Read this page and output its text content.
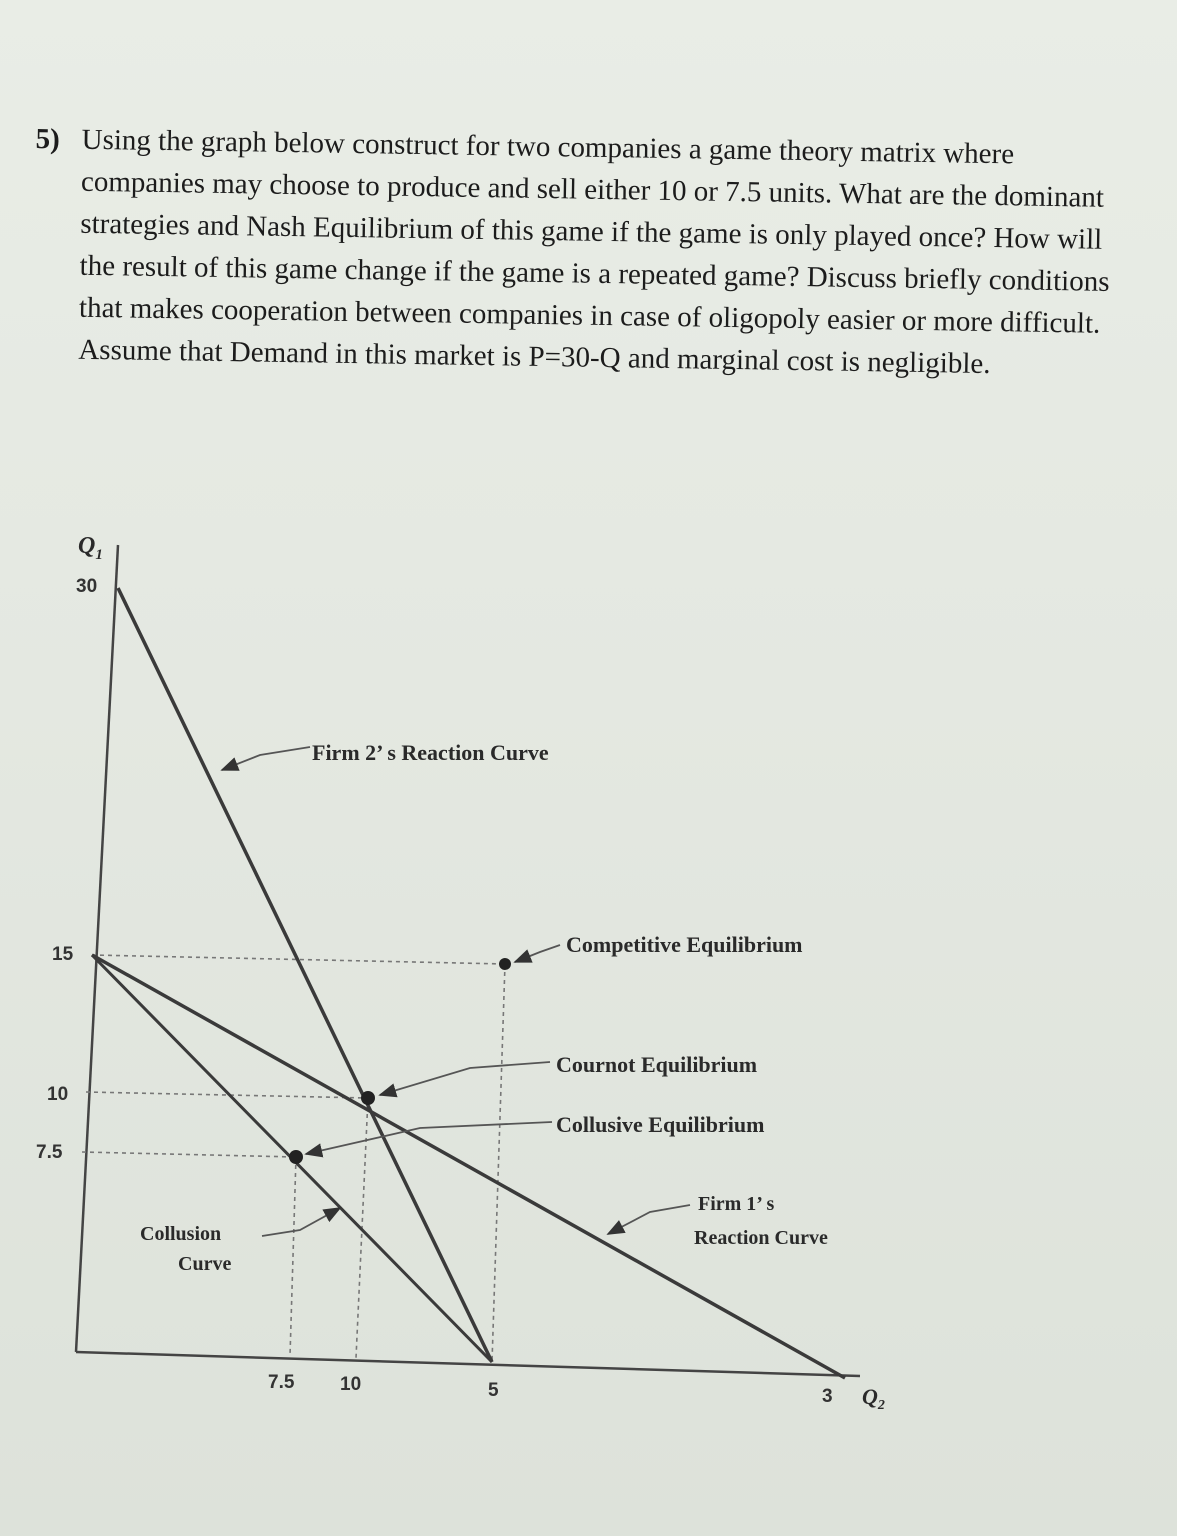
5) Using the graph below construct for two companies a game theory matrix where companies may choose to produce and sell either 10 or 7.5 units. What are the dominant strategies and Nash Equilibrium of this game if the game is only played once? How will the result of this game change if the game is a repeated game? Discuss briefly conditions that makes cooperation between companies in case of oligopoly easier or more difficult. Assume that Demand in this market is P=30-Q and marginal cost is negligible.
$Q_1$
$Q_2$
30
15
10
7.5
7.5 10	5	3
Firm 2’ s Reaction Curve
Competitive Equilibrium
Cournot Equilibrium
Collusive Equilibrium
Firm 1’ s
Reaction Curve
Collusion
Curve
